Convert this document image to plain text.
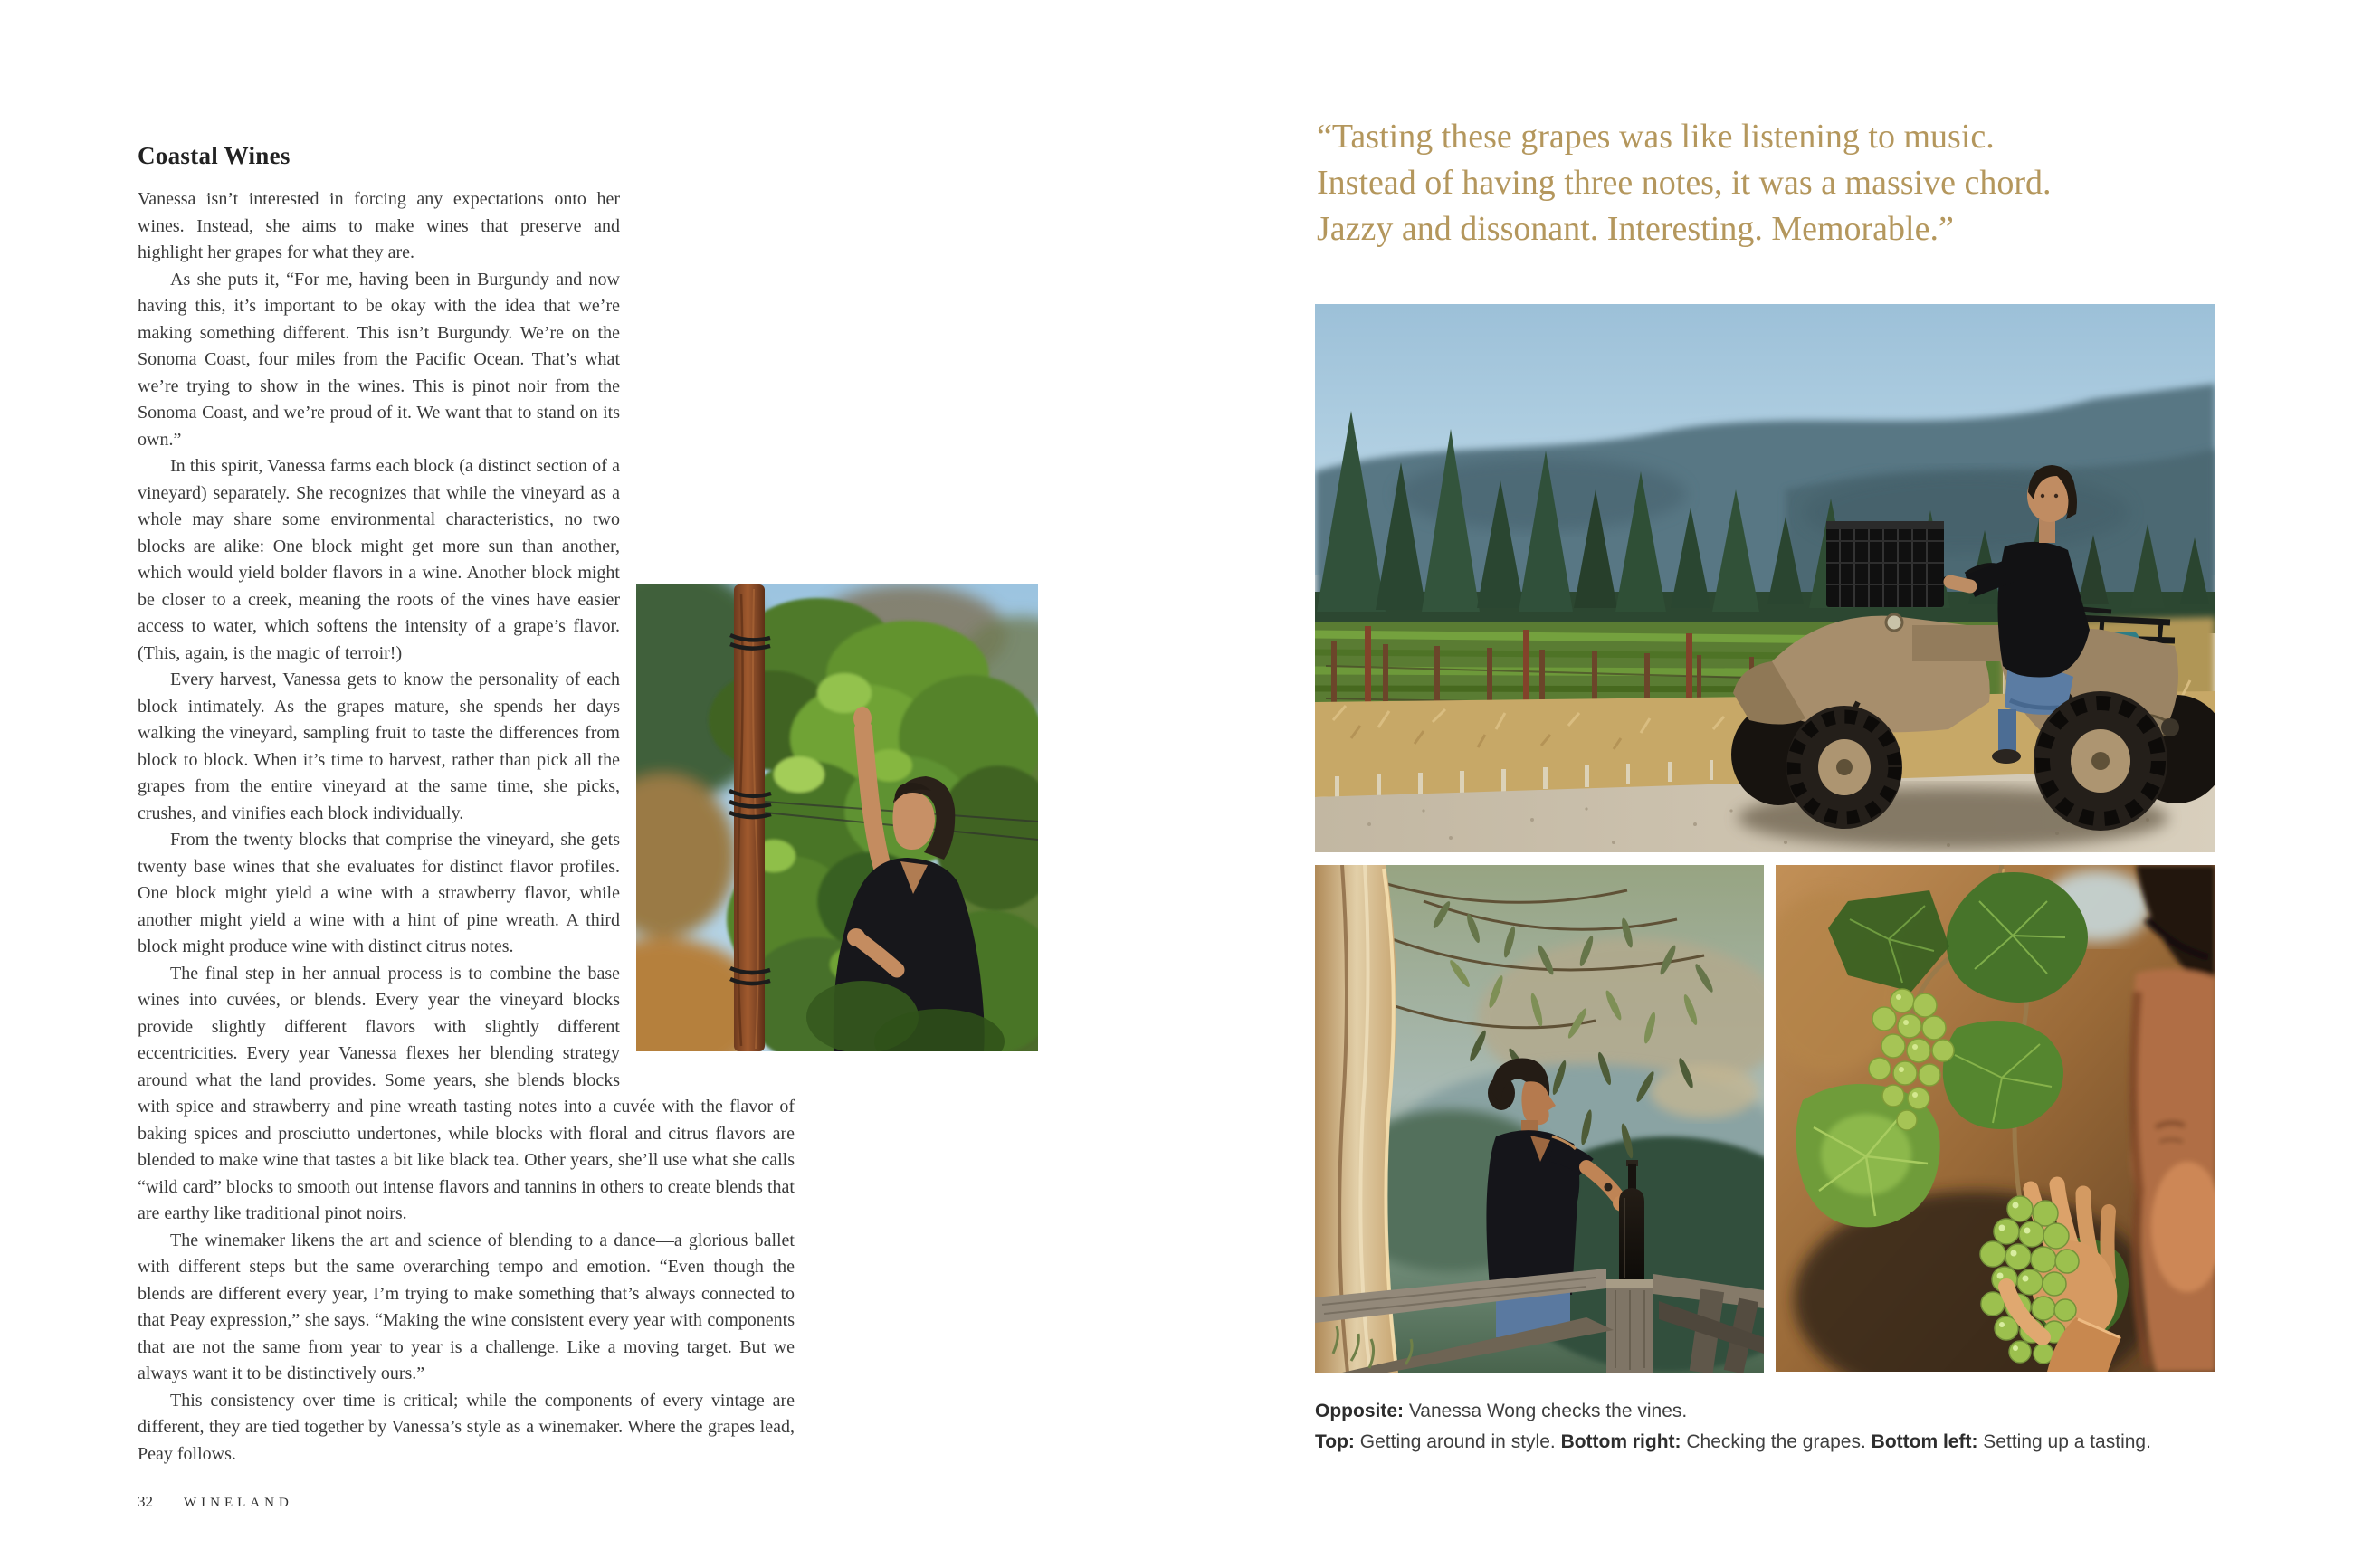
Coastal Wines

Vanessa isn’t interested in forcing any expectations onto her wines. Instead, she aims to make wines that preserve and highlight her grapes for what they are.

As she puts it, “For me, having been in Burgundy and now having this, it’s important to be okay with the idea that we’re making something different. This isn’t Burgundy. We’re on the Sonoma Coast, four miles from the Pacific Ocean. That’s what we’re trying to show in the wines. This is pinot noir from the Sonoma Coast, and we’re proud of it. We want that to stand on its own.”

In this spirit, Vanessa farms each block (a distinct section of a vineyard) separately. She recognizes that while the vineyard as a whole may share some environmental characteristics, no two blocks are alike: One block might get more sun than another, which would yield bolder flavors in a wine. Another block might be closer to a creek, meaning the roots of the vines have easier access to water, which softens the intensity of a grape’s flavor. (This, again, is the magic of terroir!)

Every harvest, Vanessa gets to know the personality of each block intimately. As the grapes mature, she spends her days walking the vineyard, sampling fruit to taste the differences from block to block. When it’s time to harvest, rather than pick all the grapes from the entire vineyard at the same time, she picks, crushes, and vinifies each block individually.

From the twenty blocks that comprise the vineyard, she gets twenty base wines that she evaluates for distinct flavor profiles. One block might yield a wine with a strawberry flavor, while another might yield a wine with a hint of pine wreath. A third block might produce wine with distinct citrus notes.

The final step in her annual process is to combine the base wines into cuvées, or blends. Every year the vineyard blocks provide slightly different flavors with slightly different eccentricities. Every year Vanessa flexes her blending strategy around what the land provides. Some years, she blends blocks with spice and strawberry and pine wreath tasting notes into a cuvée with the flavor of baking spices and prosciutto undertones, while blocks with floral and citrus flavors are blended to make wine that tastes a bit like black tea. Other years, she’ll use what she calls “wild card” blocks to smooth out intense flavors and tannins in others to create blends that are earthy like traditional pinot noirs.

The winemaker likens the art and science of blending to a dance—a glorious ballet with different steps but the same overarching tempo and emotion. “Even though the blends are different every year, I’m trying to make something that’s always connected to that Peay expression,” she says. “Making the wine consistent every year with components that are not the same from year to year is a challenge. Like a moving target. But we always want it to be distinctively ours.”

This consistency over time is critical; while the components of every vintage are different, they are tied together by Vanessa’s style as a winemaker. Where the grapes lead, Peay follows.

32 WINELAND
“Tasting these grapes was like listening to music.
Instead of having three notes, it was a massive chord.
Jazzy and dissonant. Interesting. Memorable.”

Opposite: Vanessa Wong checks the vines.

Top: Getting around in style. Bottom right: Checking the grapes. Bottom left: Setting up a tasting.
